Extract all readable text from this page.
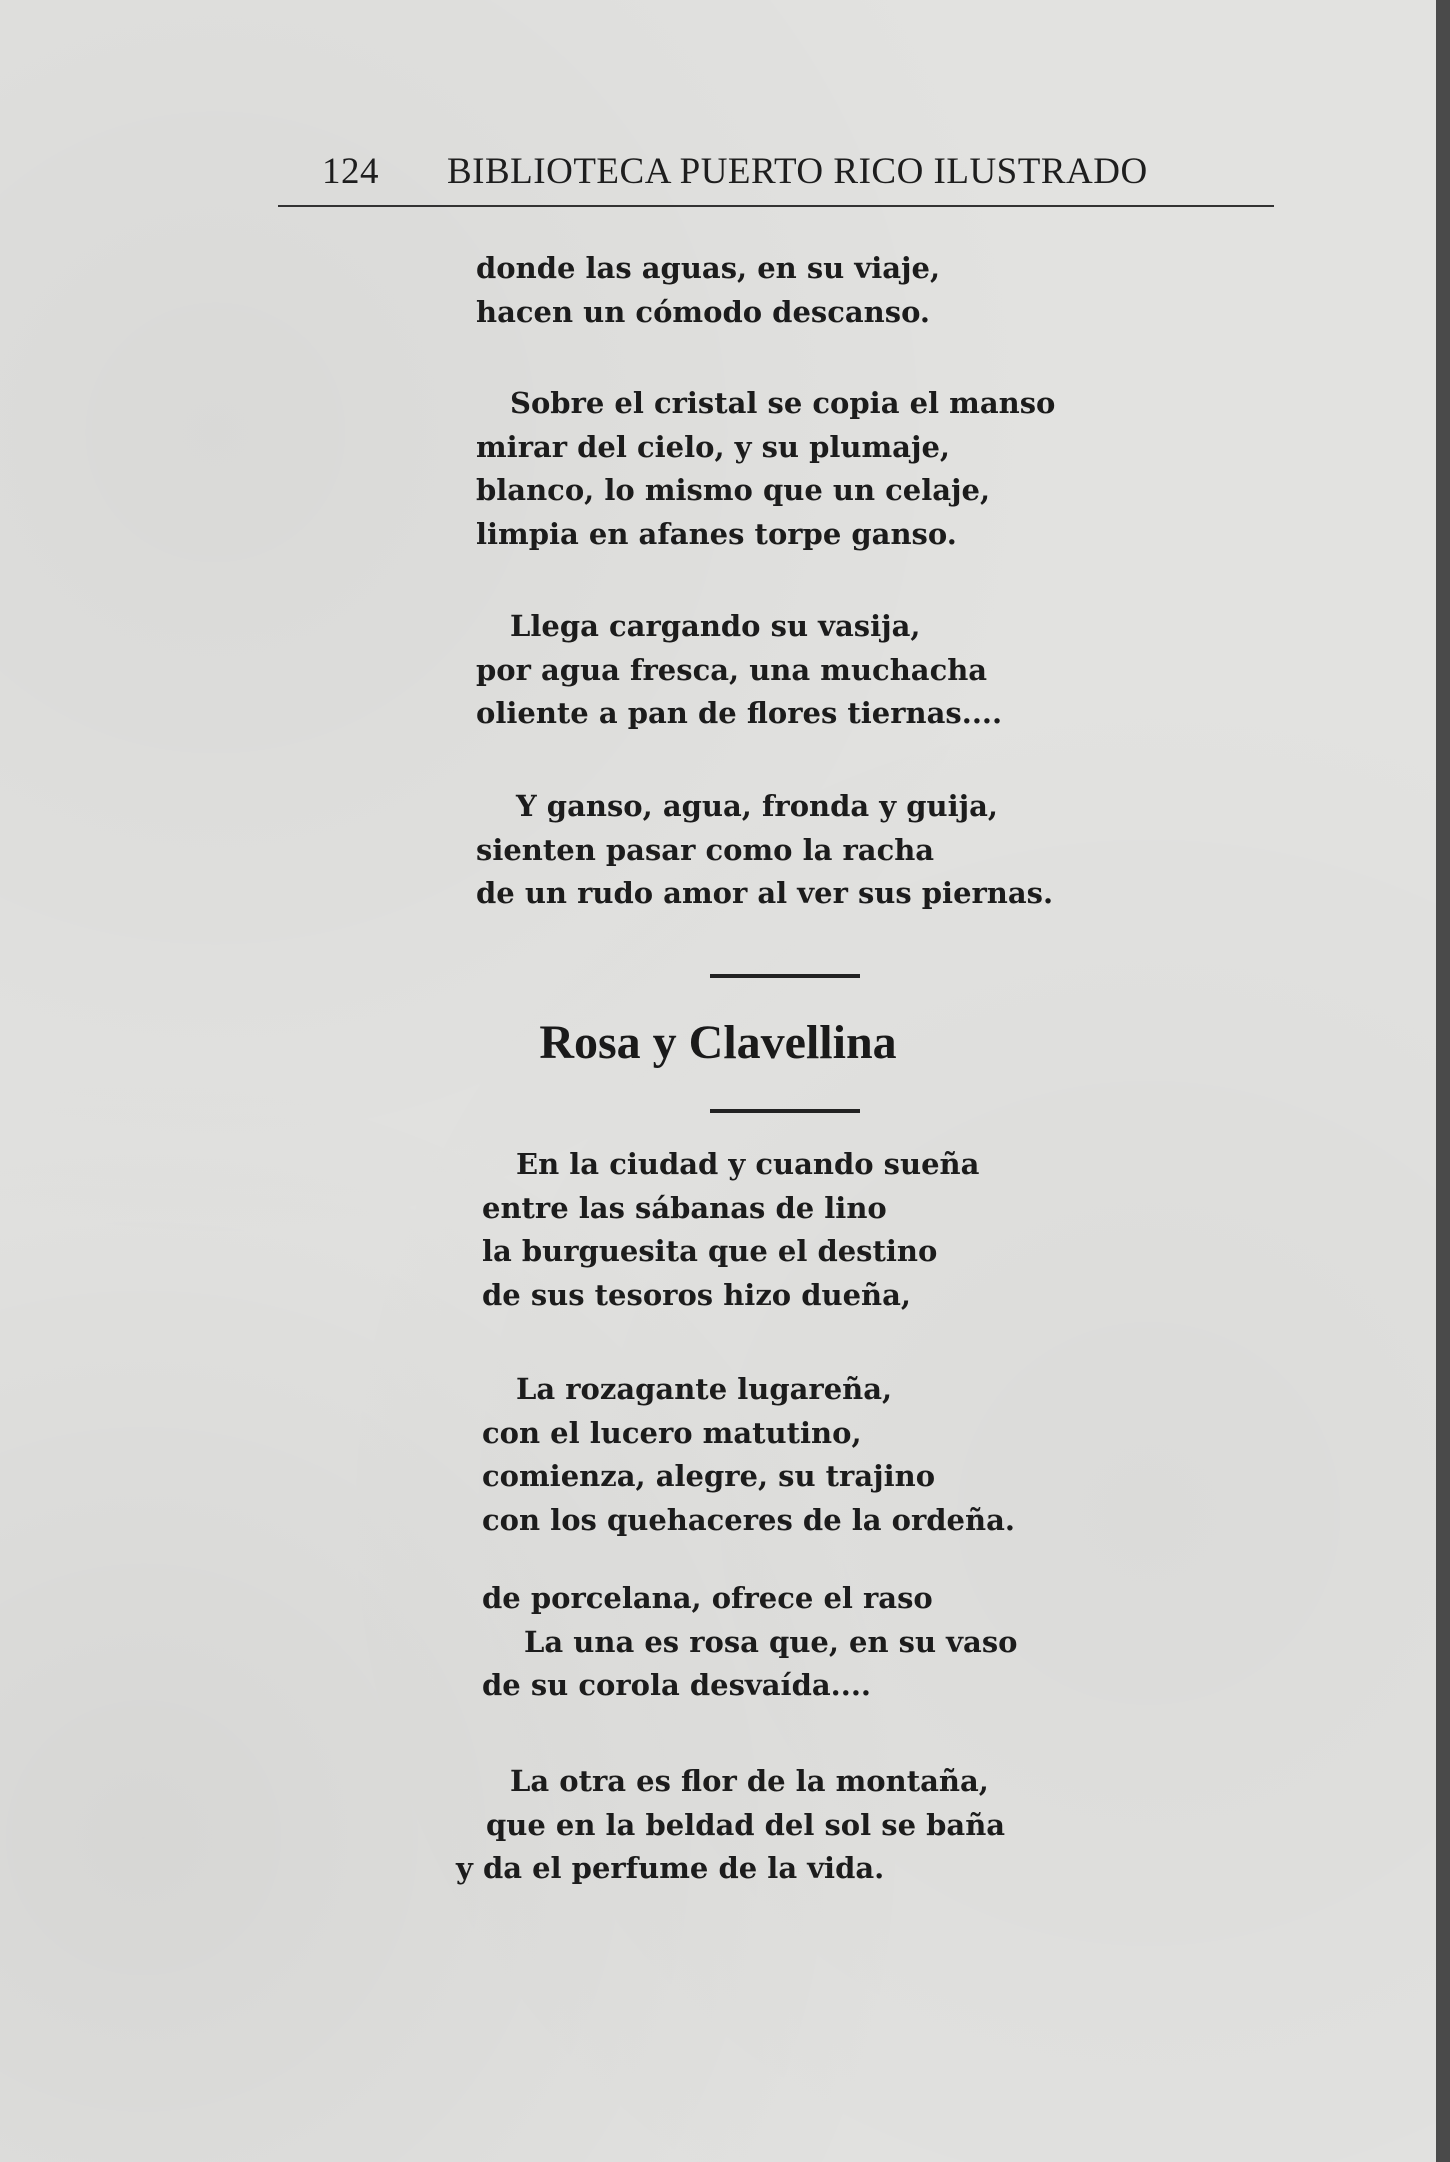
124 BIBLIOTECA PUERTO RICO ILUSTRADO
donde las aguas, en su viaje,
hacen un cómodo descanso.
Sobre el cristal se copia el manso
mirar del cielo, y su plumaje,
blanco, lo mismo que un celaje,
limpia en afanes torpe ganso.
Llega cargando su vasija,
por agua fresca, una muchacha
oliente a pan de flores tiernas....
Y ganso, agua, fronda y guija,
sienten pasar como la racha
de un rudo amor al ver sus piernas.
Rosa y Clavellina
En la ciudad y cuando sueña
entre las sábanas de lino
la burguesita que el destino
de sus tesoros hizo dueña,
La rozagante lugareña,
con el lucero matutino,
comienza, alegre, su trajino
con los quehaceres de la ordeña.
de porcelana, ofrece el raso
La una es rosa que, en su vaso
de su corola desvaída....
La otra es flor de la montaña,
que en la beldad del sol se baña
y da el perfume de la vida.
